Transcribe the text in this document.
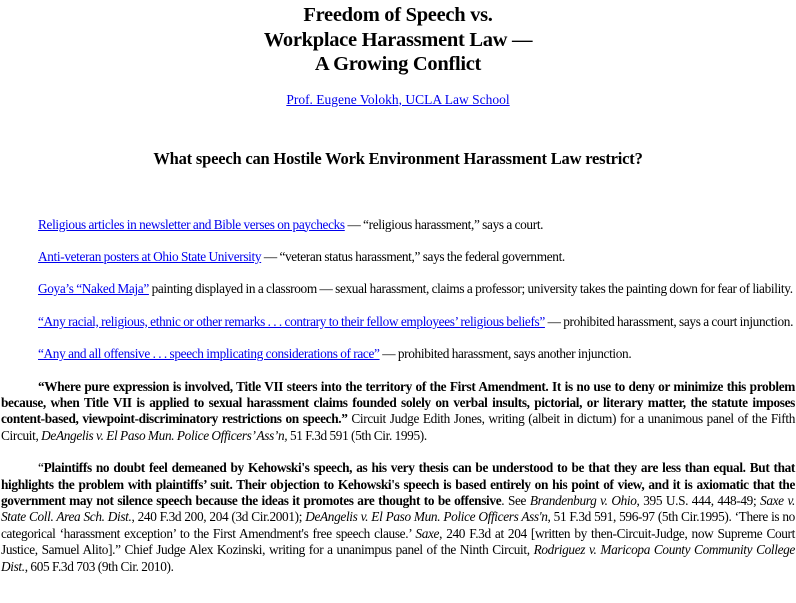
Freedom of Speech vs.
Workplace Harassment Law —
A Growing Conflict
Prof. Eugene Volokh, UCLA Law School
What speech can Hostile Work Environment Harassment Law restrict?

Religious articles in newsletter and Bible verses on paychecks — “religious harassment,” says a court.

Anti-veteran posters at Ohio State University — “veteran status harassment,” says the federal government.

Goya’s “Naked Maja” painting displayed in a classroom — sexual harassment, claims a professor; university takes the painting down for fear of liability.

“Any racial, religious, ethnic or other remarks . . . contrary to their fellow employees’ religious beliefs” — prohibited harassment, says a court injunction.

“Any and all offensive . . . speech implicating considerations of race” — prohibited harassment, says another injunction.

“Where pure expression is involved, Title VII steers into the territory of the First Amendment. It is no use to deny or minimize this problem because, when Title VII is applied to sexual harassment claims founded solely on verbal insults, pictorial, or literary matter, the statute imposes content-based, viewpoint-discriminatory restrictions on speech.” Circuit Judge Edith Jones, writing (albeit in dictum) for a unanimous panel of the Fifth Circuit, DeAngelis v. El Paso Mun. Police Officers’ Ass’n, 51 F.3d 591 (5th Cir. 1995).

“Plaintiffs no doubt feel demeaned by Kehowski's speech, as his very thesis can be understood to be that they are less than equal. But that highlights the problem with plaintiffs’ suit. Their objection to Kehowski's speech is based entirely on his point of view, and it is axiomatic that the government may not silence speech because the ideas it promotes are thought to be offensive. See Brandenburg v. Ohio, 395 U.S. 444, 448-49; Saxe v. State Coll. Area Sch. Dist., 240 F.3d 200, 204 (3d Cir.2001); DeAngelis v. El Paso Mun. Police Officers Ass'n, 51 F.3d 591, 596-97 (5th Cir.1995). ‘There is no categorical ‘harassment exception’ to the First Amendment's free speech clause.’ Saxe, 240 F.3d at 204 [written by then-Circuit-Judge, now Supreme Court Justice, Samuel Alito].” Chief Judge Alex Kozinski, writing for a unanimpus panel of the Ninth Circuit, Rodriguez v. Maricopa County Community College Dist., 605 F.3d 703 (9th Cir. 2010).
